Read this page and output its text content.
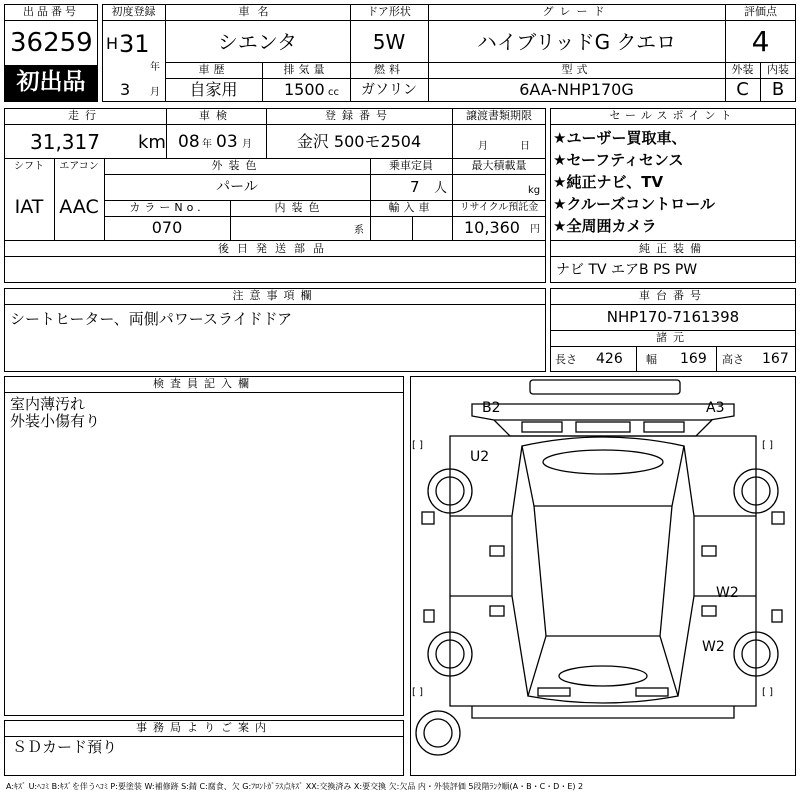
出品番号
36259
初出品
初度登録
H 31
年
3 月
車名
シエンタ
ドア形状
5W
グレード
ハイブリッドG クエロ
評価点
4
車歴
自家用
排気量
1500 cc
燃料
ガソリン
型式
6AA-NHP170G
外装
C
内装
B
走行
31,317 km
車検
08 年 03 月
登録番号
金沢 500モ2504
譲渡書類期限
月	日
シフト
IAT
エアコン
AAC
外装色
パール
乗車定員
7 人
最大積載量
kg
カラーNo.
070
内装色
系
輸入車	リサイクル預託金
10,360 円
後日発送部品
セールスポイント
★ユーザー買取車、
★セーフティセンス
★純正ナビ、TV
★クルーズコントロール
★全周囲カメラ
純正装備
ナビ TV エアB PS PW
注意事項欄
シートヒーター、両側パワースライドドア
車台番号
NHP170-7161398
諸元
長さ 426 幅 169 高さ 167
検査員記入欄
室内薄汚れ
外装小傷有り
事務局よりご案内
ＳＤカード預り
B2	A3
U2
W2
W2
[ ]	[ ]
[ ]	[ ]
A:ｷｽﾞ U:ﾍｺﾐ B:ｷｽﾞを伴うﾍｺﾐ P:要塗装 W:補修跡 S:錆 C:腐食、欠 G:ﾌﾛﾝﾄｶﾞﾗｽ点ｷｽﾞ XX:交換済み X:要交換 欠:欠品 内・外装評価 5段階ﾗﾝｸ順(A・B・C・D・E) 2
